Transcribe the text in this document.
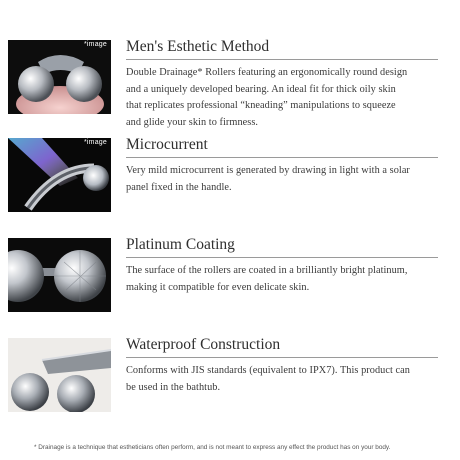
*image Men's Esthetic Method
Double Drainage* Rollers featuring an ergonomically round design
and a uniquely developed bearing. An ideal fit for thick oily skin
that replicates professional “kneading” manipulations to squeeze
and glide your skin to firmness.
*image Microcurrent
Very mild microcurrent is generated by drawing in light with a solar
panel fixed in the handle.
Platinum Coating
The surface of the rollers are coated in a brilliantly bright platinum,
making it compatible for even delicate skin.
Waterproof Construction
Conforms with JIS standards (equivalent to IPX7). This product can
be used in the bathtub.
* Drainage is a technique that estheticians often perform, and is not meant to express any effect the product has on your body.
